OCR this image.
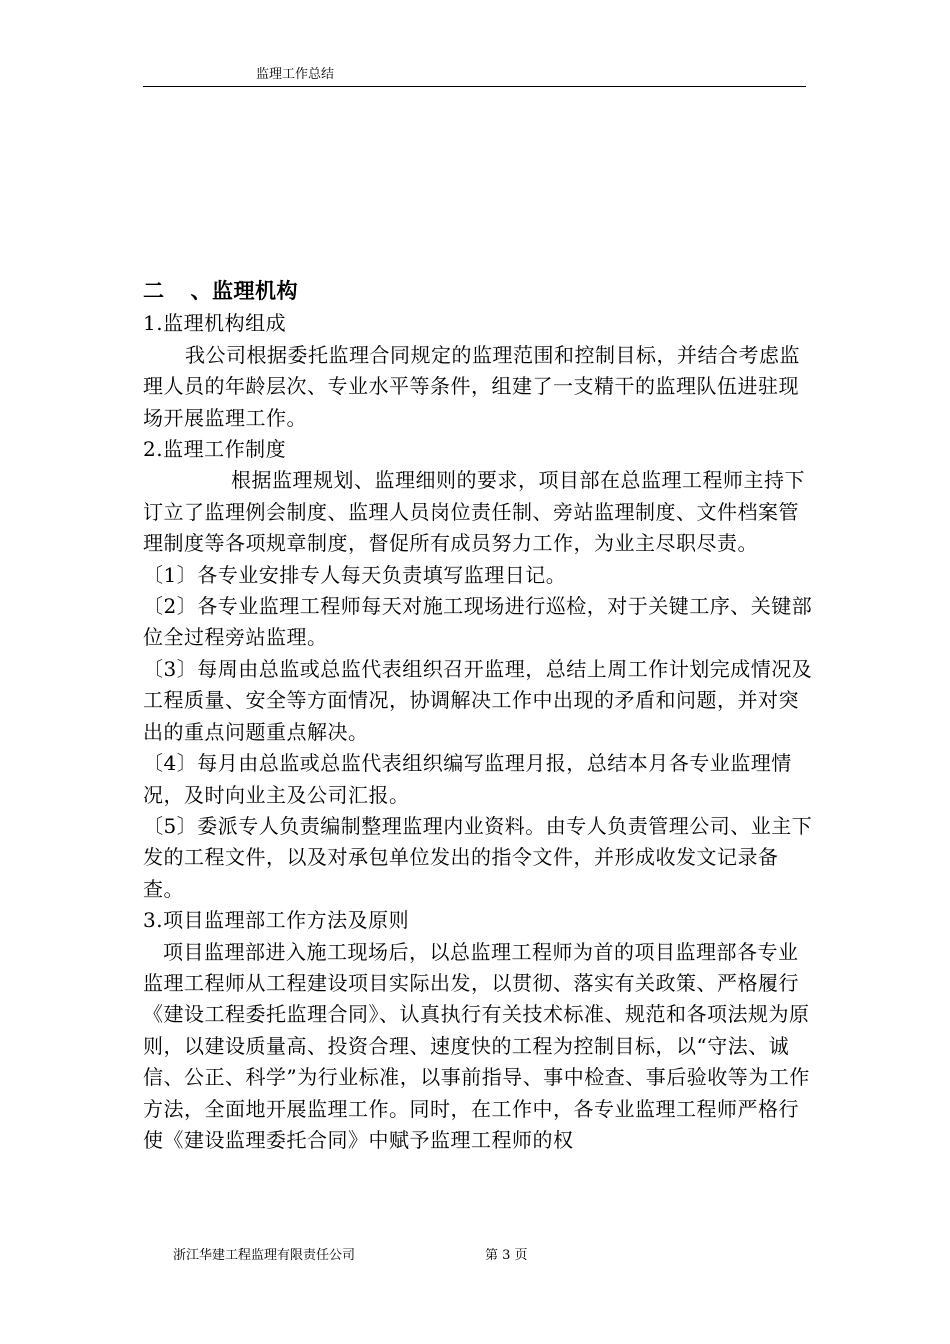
监理工作总结
二 、监理机构

1.监理机构组成

我公司根据委托监理合同规定的监理范围和控制目标，并结合考虑监理人员的年龄层次、专业水平等条件，组建了一支精干的监理队伍进驻现场开展监理工作。

2.监理工作制度

根据监理规划、监理细则的要求，项目部在总监理工程师主持下订立了监理例会制度、监理人员岗位责任制、旁站监理制度、文件档案管理制度等各项规章制度，督促所有成员努力工作，为业主尽职尽责。

〔1〕各专业安排专人每天负责填写监理日记。

〔2〕各专业监理工程师每天对施工现场进行巡检，对于关键工序、关键部位全过程旁站监理。

〔3〕每周由总监或总监代表组织召开监理，总结上周工作计划完成情况及工程质量、安全等方面情况，协调解决工作中出现的矛盾和问题，并对突出的重点问题重点解决。

〔4〕每月由总监或总监代表组织编写监理月报，总结本月各专业监理情况，及时向业主及公司汇报。

〔5〕委派专人负责编制整理监理内业资料。由专人负责管理公司、业主下发的工程文件，以及对承包单位发出的指令文件，并形成收发文记录备查。

3.项目监理部工作方法及原则

项目监理部进入施工现场后，以总监理工程师为首的项目监理部各专业监理工程师从工程建设项目实际出发，以贯彻、落实有关政策、严格履行《建设工程委托监理合同》、认真执行有关技术标准、规范和各项法规为原则，以建设质量高、投资合理、速度快的工程为控制目标，以“守法、诚信、公正、科学”为行业标准，以事前指导、事中检查、事后验收等为工作方法，全面地开展监理工作。同时，在工作中，各专业监理工程师严格行使《建设监理委托合同》中赋予监理工程师的权

浙江华建工程监理有限责任公司	第 3 页
